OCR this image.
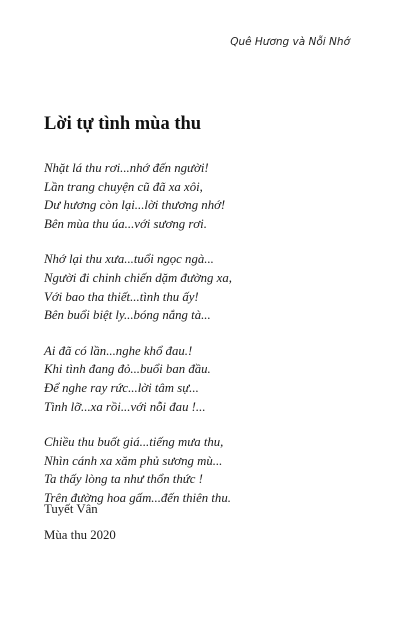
Quê Hương và Nỗi Nhớ
Lời tự tình mùa thu
Nhặt lá thu rơi...nhớ đến người!
Lần trang chuyện cũ đã xa xôi,
Dư hương còn lại...lời thương nhớ!
Bên mùa thu úa...với sương rơi.
Nhớ lại thu xưa...tuổi ngọc ngà...
Người đi chinh chiến dặm đường xa,
Với bao tha thiết...tình thu ấy!
Bên buổi biệt ly...bóng nắng tà...
Ai đã có lần...nghe khổ đau.!
Khi tình đang đỏ...buổi ban đầu.
Để nghe ray rức...lời tâm sự...
Tình lỡ...xa rồi...với nỗi đau !...
Chiều thu buốt giá...tiếng mưa thu,
Nhìn cánh xa xăm phủ sương mù...
Ta thấy lòng ta như thổn thức !
Trên đường hoa gấm...đến thiên thu.
Tuyết Vân
Mùa thu 2020
